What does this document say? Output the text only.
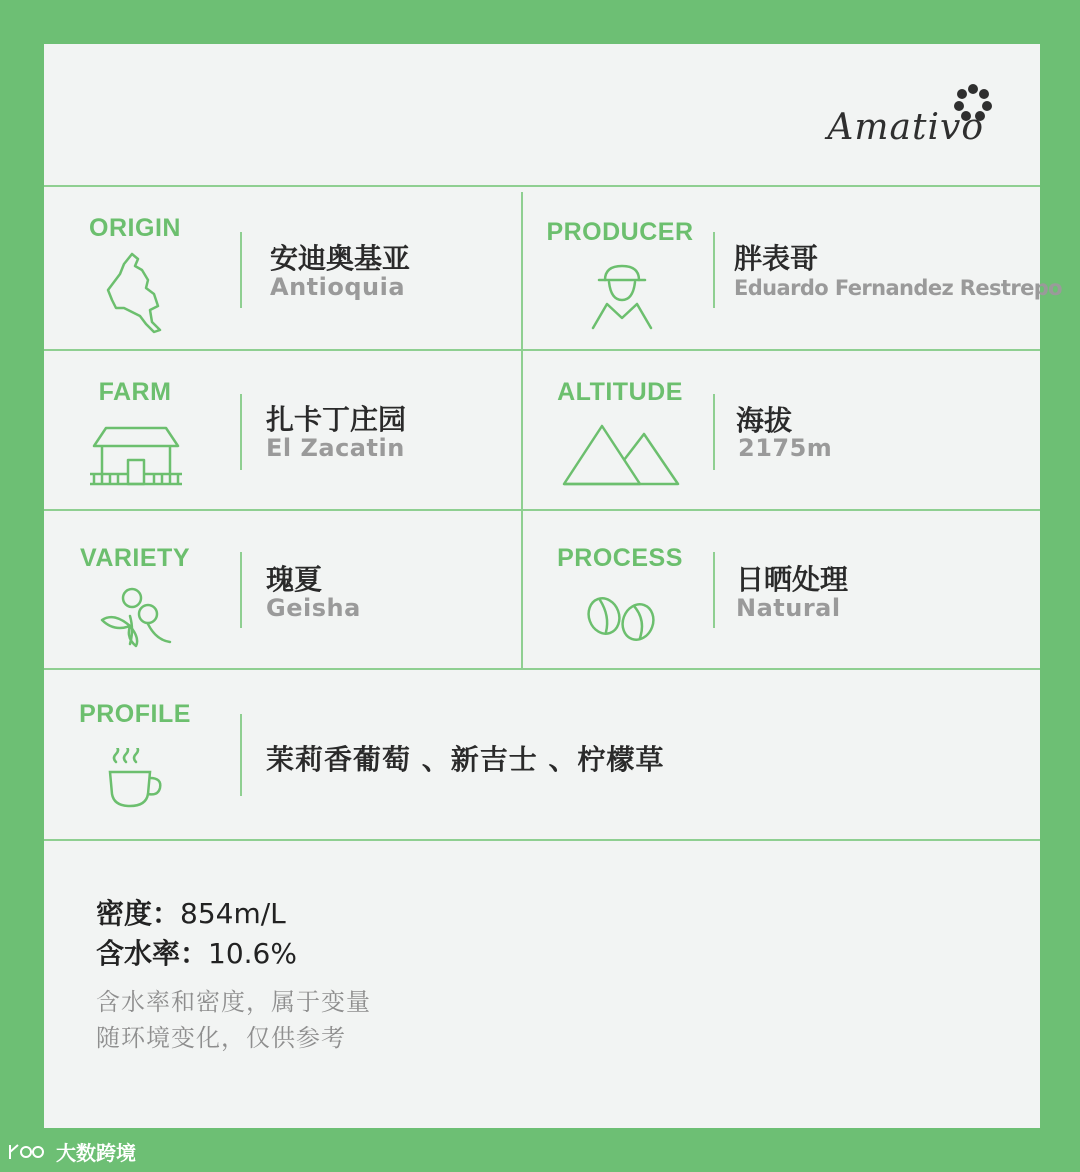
Amativo
ORIGIN
安迪奥基亚
Antioquia
PRODUCER
胖表哥
Eduardo Fernandez Restrepo
FARM
扎卡丁庄园
El Zacatin
ALTITUDE
海拔
2175m
VARIETY
瑰夏
Geisha
PROCESS
日晒处理
Natural
PROFILE
茉莉香葡萄 、新吉士 、柠檬草
密度：854m/L
含水率：10.6%
含水率和密度，属于变量
随环境变化，仅供参考
大数跨境
